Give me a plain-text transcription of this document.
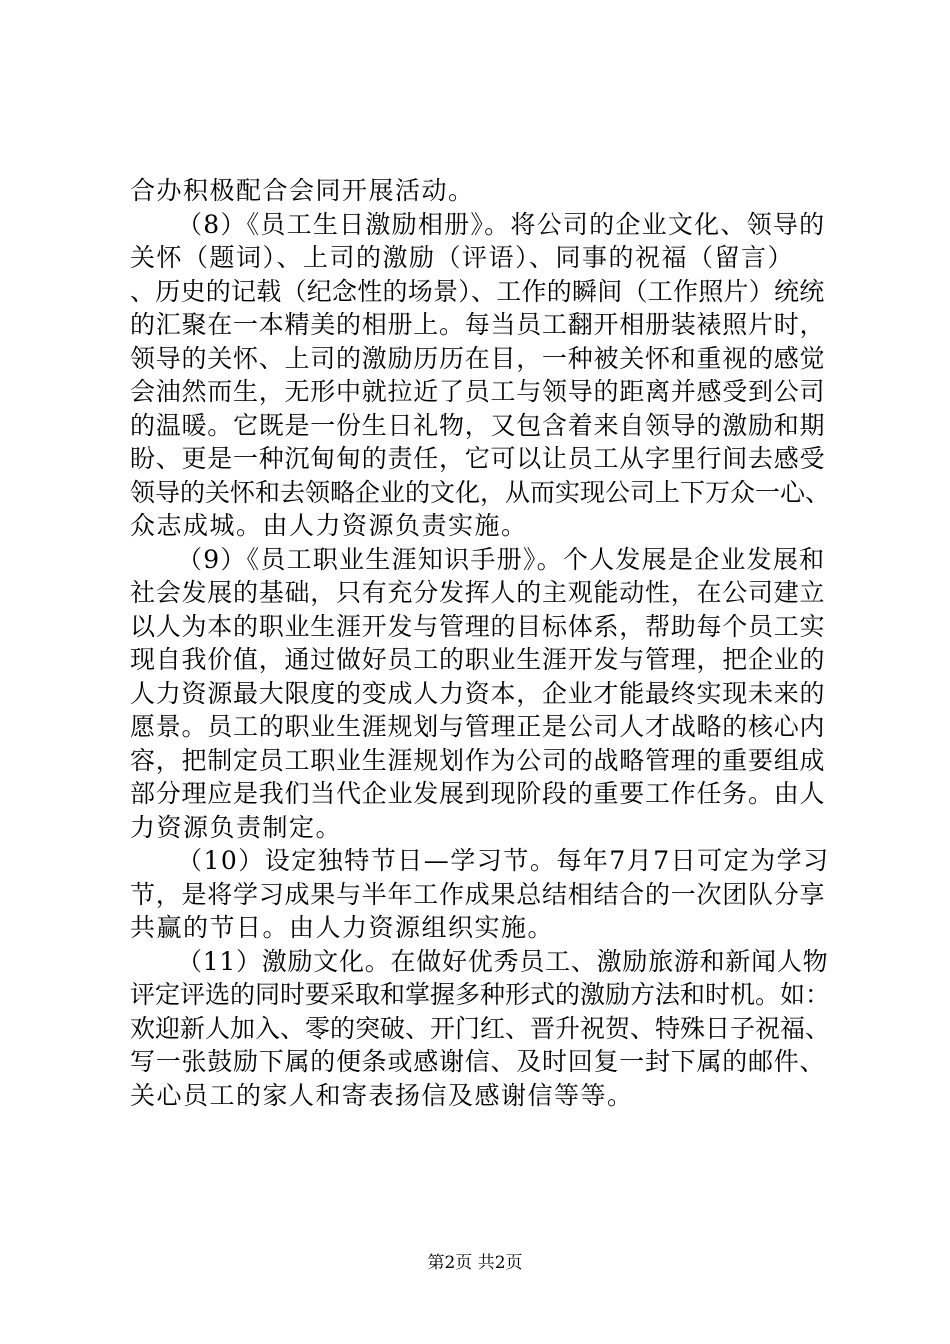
合办积极配合会同开展活动。
（8）《员工生日激励相册》。将公司的企业文化、领导的
关怀（题词）、上司的激励（评语）、同事的祝福（留言）
、历史的记载（纪念性的场景）、工作的瞬间（工作照片）统统
的汇聚在一本精美的相册上。每当员工翻开相册装裱照片时，
领导的关怀、上司的激励历历在目，一种被关怀和重视的感觉
会油然而生，无形中就拉近了员工与领导的距离并感受到公司
的温暖。它既是一份生日礼物，又包含着来自领导的激励和期
盼、更是一种沉甸甸的责任，它可以让员工从字里行间去感受
领导的关怀和去领略企业的文化，从而实现公司上下万众一心、
众志成城。由人力资源负责实施。
（9）《员工职业生涯知识手册》。个人发展是企业发展和
社会发展的基础，只有充分发挥人的主观能动性，在公司建立
以人为本的职业生涯开发与管理的目标体系，帮助每个员工实
现自我价值，通过做好员工的职业生涯开发与管理，把企业的
人力资源最大限度的变成人力资本，企业才能最终实现未来的
愿景。员工的职业生涯规划与管理正是公司人才战略的核心内
容，把制定员工职业生涯规划作为公司的战略管理的重要组成
部分理应是我们当代企业发展到现阶段的重要工作任务。由人
力资源负责制定。
（10）设定独特节日—学习节。每年7月7日可定为学习
节，是将学习成果与半年工作成果总结相结合的一次团队分享
共赢的节日。由人力资源组织实施。
（11）激励文化。在做好优秀员工、激励旅游和新闻人物
评定评选的同时要采取和掌握多种形式的激励方法和时机。如：
欢迎新人加入、零的突破、开门红、晋升祝贺、特殊日子祝福、
写一张鼓励下属的便条或感谢信、及时回复一封下属的邮件、
关心员工的家人和寄表扬信及感谢信等等。
第2页 共2页
